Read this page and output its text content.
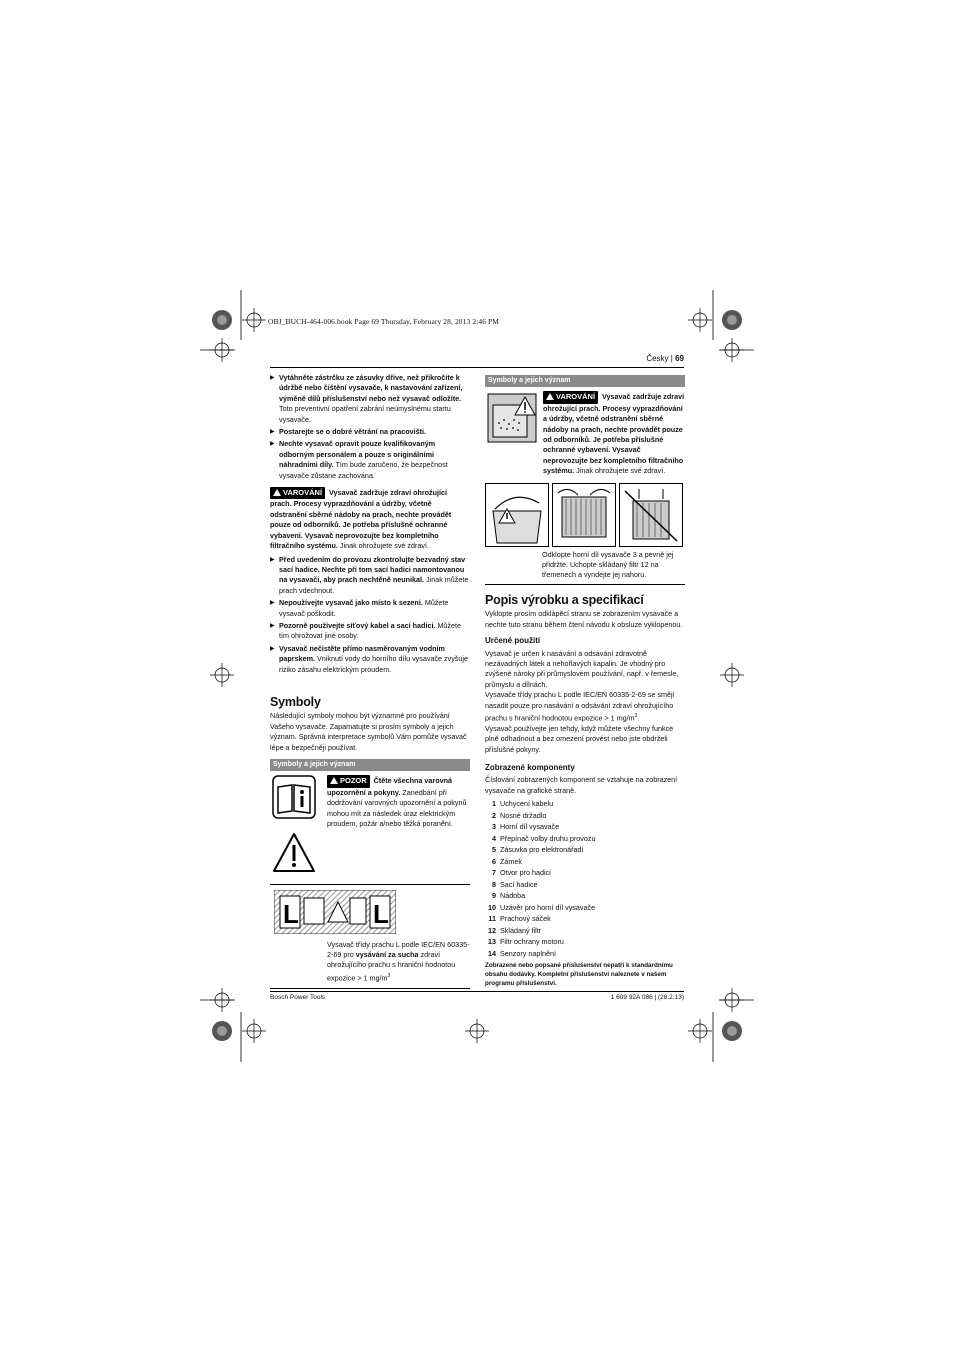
OBJ_BUCH-464-006.book Page 69 Thursday, February 28, 2013 2:46 PM
Česky | 69
▶ Vytáhněte zástrčku ze zásuvky dříve, než přikročíte k údržbě nebo čištění vysavače, k nastavování zařízení, výměně dílů příslušenství nebo než vysavač odložíte. Toto preventivní opatření zabrání neúmyslnému startu vysavače.
▶ Postarejte se o dobré větrání na pracovišti.
▶ Nechte vysavač opravit pouze kvalifikovaným odborným personálem a pouze s originálními náhradními díly. Tím bude zaručeno, že bezpečnost vysavače zůstane zachována.
VAROVÁNÍ Vysavač zadržuje zdraví ohrožující prach. Procesy vyprazdňování a údržby, včetně odstranění sběrné nádoby na prach, nechte provádět pouze od odborníků. Je potřeba příslušné ochranné vybavení. Vysavač neprovozujte bez kompletního filtračního systému. Jinak ohrožujete své zdraví.
▶ Před uvedením do provozu zkontrolujte bezvadný stav sací hadice. Nechte při tom sací hadici namontovanou na vysavači, aby prach nechtěně neunikal. Jinak můžete prach vdechnout.
▶ Nepoužívejte vysavač jako místo k sezení. Můžete vysavač poškodit.
▶ Pozorně používejte síťový kabel a sací hadici. Můžete tím ohrožovat jiné osoby.
▶ Vysavač nečistěte přímo nasměrovaným vodním paprskem. Vniknutí vody do horního dílu vysavače zvyšuje riziko zásahu elektrickým proudem.
Symboly
Následující symboly mohou být významné pro používání Vašeho vysavače. Zapamatujte si prosím symboly a jejich význam. Správná interpretace symbolů Vám pomůže vysavač lépe a bezpečněji používat.
Symboly a jejich význam

POZOR Čtěte všechna varovná upozornění a pokyny. Zanedbání při dodržování varovných upozornění a pokynů mohou mít za následek úraz elektrickým proudem, požár a/nebo těžká poranění.
L	L
Vysavač třídy prachu L podle IEC/EN 60335-2-69 pro vysávání za sucha zdraví ohrožujícího prachu s hraniční hodnotou expozice > 1 $mg/m^3$
Symboly a jejich význam
VAROVÁNÍ Vysavač zadržuje zdraví ohrožující prach. Procesy vyprazdňování a údržby, včetně odstranění sběrné nádoby na prach, nechte provádět pouze od odborníků. Je potřeba příslušné ochranné vybavení. Vysavač neprovozujte bez kompletního filtračního systému. Jinak ohrožujete své zdraví.
Odklopte horní díl vysavače 3 a pevně jej přidržte. Uchopte skládaný filtr 12 na třemenech a vyndejte jej nahoru.
Popis výrobku a specifikací
Vyklopte prosím odklápěcí stranu se zobrazením vysavače a nechte tuto stranu během čtení návodu k obsluze vyklopenou.
Určené použití
Vysavač je určen k nasávání a odsávání zdravotně nezávadných látek a nehořlavých kapalin. Je vhodný pro zvýšené nároky při průmyslovém používání, např. v řemesle, průmyslu a dílnách.
Vysavače třídy prachu L podle IEC/EN 60335-2-69 se smějí nasadit pouze pro nasávání a odsávání zdraví ohrožujícího prachu s hraniční hodnotou expozice > 1 $mg/m^3$.
Vysavač používejte jen tehdy, když můžete všechny funkce plně odhadnout a bez omezení provést nebo jste obdrželi příslušné pokyny.
Zobrazené komponenty
Číslování zobrazených komponent se vztahuje na zobrazení vysavače na grafické straně.
1 Uchycení kabelu
2 Nosné držadlo
3 Horní díl vysavače
4 Přepínač volby druhu provozu
5 Zásuvka pro elektronářadí
6 Zámek
7 Otvor pro hadici
8 Sací hadice
9 Nádoba
10 Uzávěr pro horní díl vysavače
11 Prachový sáček
12 Skládaný filtr
13 Filtr ochrany motoru
14 Senzory naplnění
Zobrazené nebo popsané příslušenství nepatří k standardnímu obsahu dodávky. Kompletní příslušenství naleznete v našem programu příslušenství.
Bosch Power Tools	1 609 92A 086 | (28.2.13)
